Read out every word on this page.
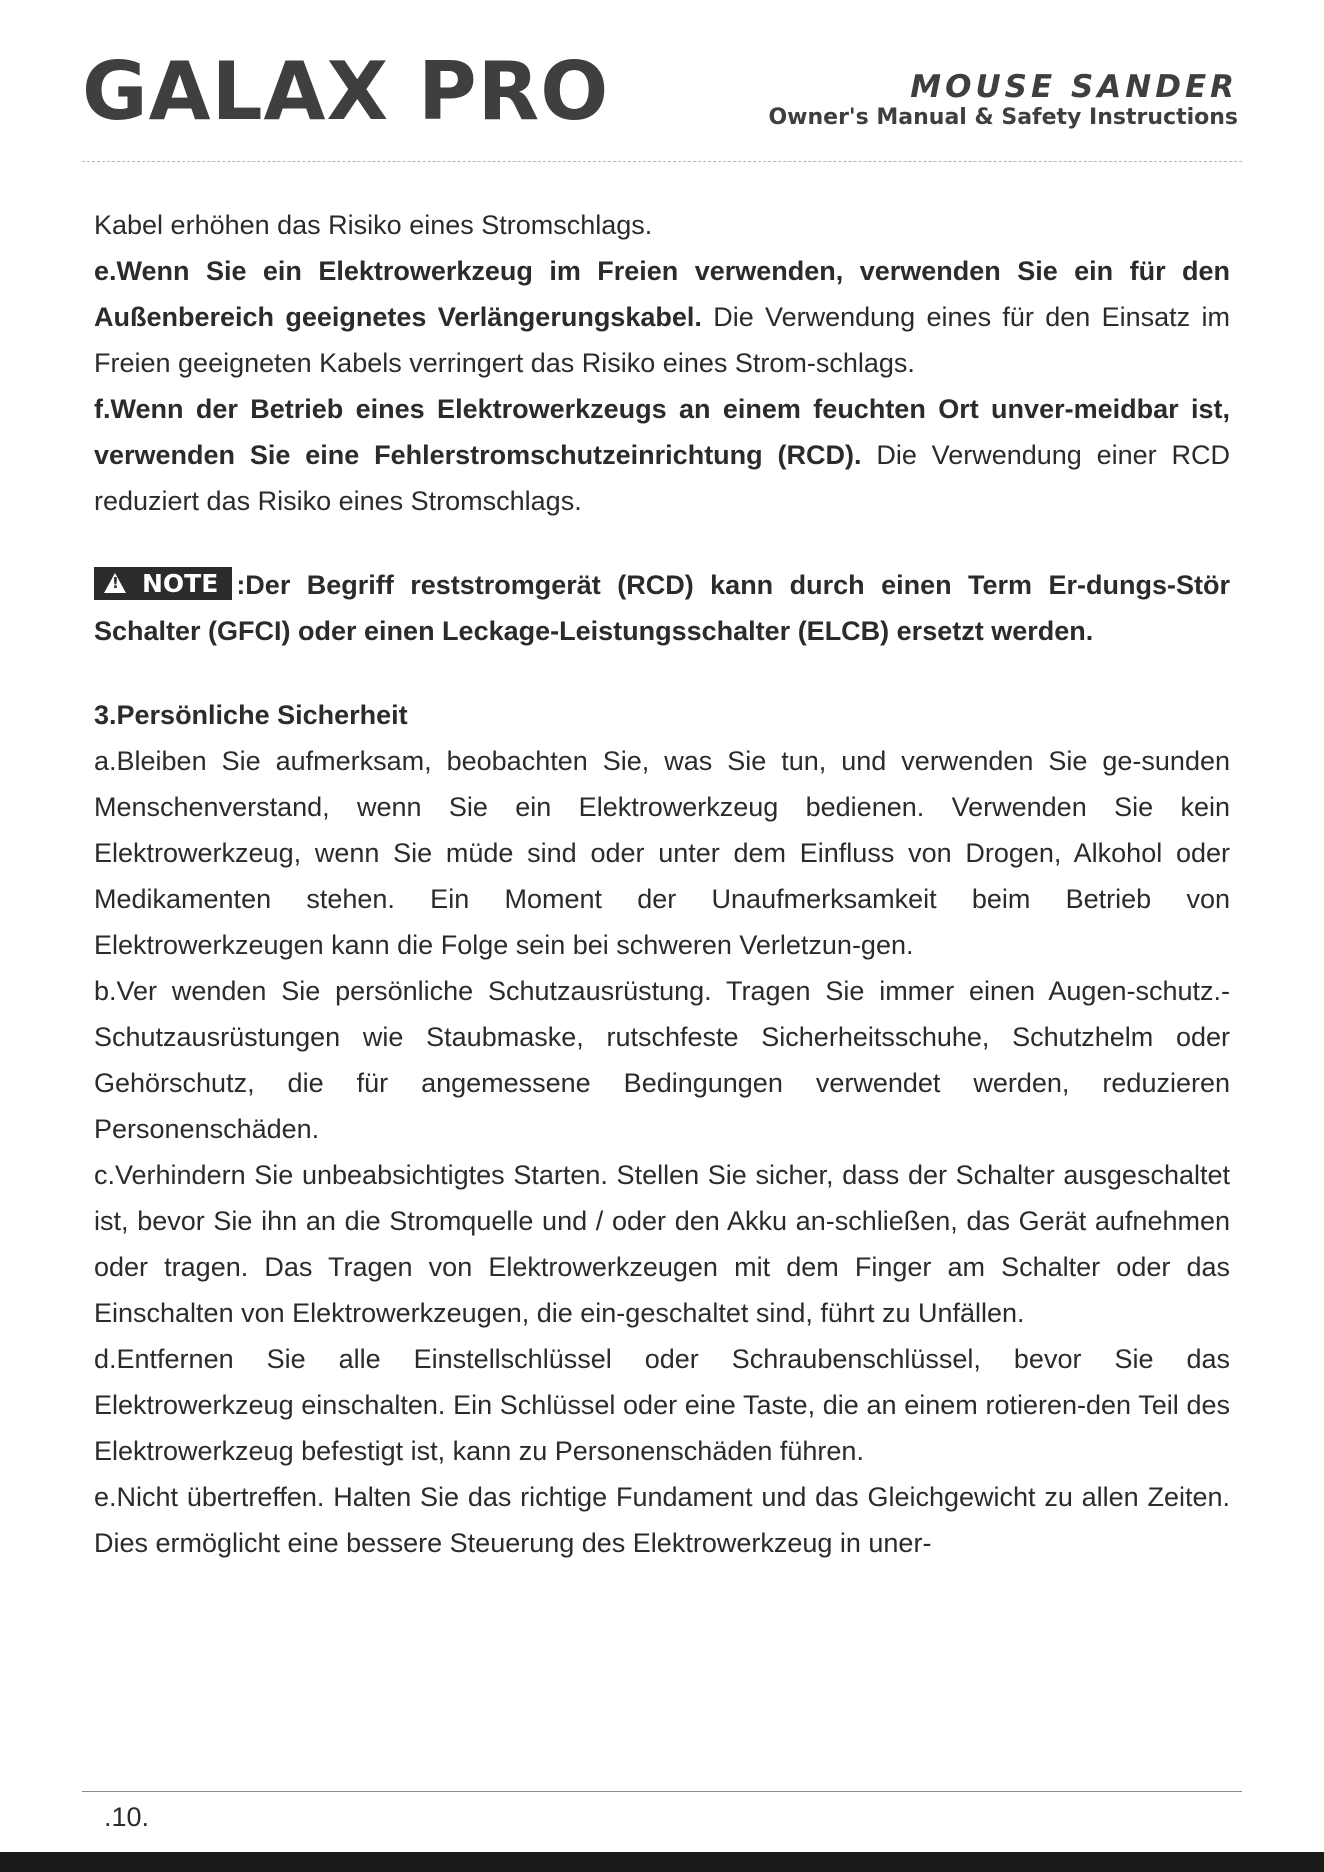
GALAX PRO	MOUSE SANDER
Owner's Manual & Safety Instructions

Kabel erhöhen das Risiko eines Stromschlags.

e.Wenn Sie ein Elektrowerkzeug im Freien verwenden, verwenden Sie ein für den Außenbereich geeignetes Verlängerungskabel. Die Verwendung eines für den Einsatz im Freien geeigneten Kabels verringert das Risiko eines Strom-schlags.

f.Wenn der Betrieb eines Elektrowerkzeugs an einem feuchten Ort unver-meidbar ist, verwenden Sie eine Fehlerstromschutzeinrichtung (RCD). Die Verwendung einer RCD reduziert das Risiko eines Stromschlags.

!NOTE :Der Begriff reststromgerät (RCD) kann durch einen Term Er-dungs-Stör Schalter (GFCI) oder einen Leckage-Leistungsschalter (ELCB) ersetzt werden.

3.Persönliche Sicherheit

a.Bleiben Sie aufmerksam, beobachten Sie, was Sie tun, und verwenden Sie ge-sunden Menschenverstand, wenn Sie ein Elektrowerkzeug bedienen. Verwenden Sie kein Elektrowerkzeug, wenn Sie müde sind oder unter dem Einfluss von Drogen, Alkohol oder Medikamenten stehen. Ein Moment der Unaufmerksamkeit beim Betrieb von Elektrowerkzeugen kann die Folge sein bei schweren Verletzun-gen.

b.Ver wenden Sie persönliche Schutzausrüstung. Tragen Sie immer einen Augen-schutz.- Schutzausrüstungen wie Staubmaske, rutschfeste Sicherheitsschuhe, Schutzhelm oder Gehörschutz, die für angemessene Bedingungen verwendet werden, reduzieren Personenschäden.

c.Verhindern Sie unbeabsichtigtes Starten. Stellen Sie sicher, dass der Schalter ausgeschaltet ist, bevor Sie ihn an die Stromquelle und / oder den Akku an-schließen, das Gerät aufnehmen oder tragen. Das Tragen von Elektrowerkzeugen mit dem Finger am Schalter oder das Einschalten von Elektrowerkzeugen, die ein-geschaltet sind, führt zu Unfällen.

d.Entfernen Sie alle Einstellschlüssel oder Schraubenschlüssel, bevor Sie das Elektrowerkzeug einschalten. Ein Schlüssel oder eine Taste, die an einem rotieren-den Teil des Elektrowerkzeug befestigt ist, kann zu Personenschäden führen.

e.Nicht übertreffen. Halten Sie das richtige Fundament und das Gleichgewicht zu allen Zeiten. Dies ermöglicht eine bessere Steuerung des Elektrowerkzeug in uner-

.10.
